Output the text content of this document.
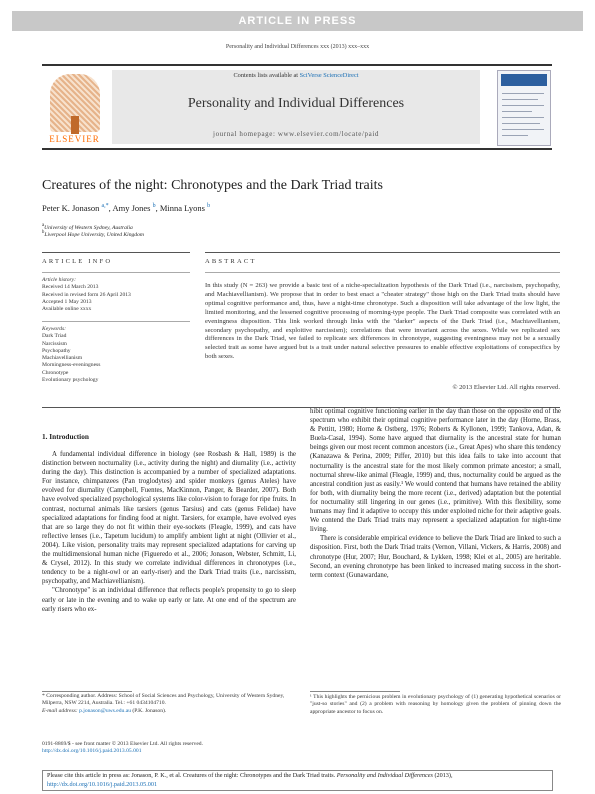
ARTICLE IN PRESS
Personality and Individual Differences xxx (2013) xxx–xxx
ELSEVIER
Contents lists available at SciVerse ScienceDirect
Personality and Individual Differences
journal homepage: www.elsevier.com/locate/paid
Creatures of the night: Chronotypes and the Dark Triad traits
Peter K. Jonason $^{a,*}$, Amy Jones $^b$, Minna Lyons $^b$
$^a$University of Western Sydney, Australia
$^b$Liverpool Hope University, United Kingdom
ARTICLE INFO
Article history:
Received 14 March 2013
Received in revised form 26 April 2013
Accepted 1 May 2013
Available online xxxx
Keywords:
Dark Triad
Narcissism
Psychopathy
Machiavellianism
Morningness-eveningness
Chronotype
Evolutionary psychology
ABSTRACT
In this study (N = 263) we provide a basic test of a niche-specialization hypothesis of the Dark Triad (i.e., narcissism, psychopathy, and Machiavellianism). We propose that in order to best enact a "cheater strategy" those high on the Dark Triad traits should have optimal cognitive performance and, thus, have a night-time chronotype. Such a disposition will take advantage of the low light, the limited monitoring, and the lessened cognitive processing of morning-type people. The Dark Triad composite was correlated with an eveningness disposition. This link worked through links with the "darker" aspects of the Dark Triad (i.e., Machiavellianism, secondary psychopathy, and exploitive narcissism); correlations that were invariant across the sexes. While we replicated sex differences in the Dark Triad, we failed to replicate sex differences in chronotype, suggesting eveningness may not be a sexually selected trait as some have argued but is a trait under natural selective pressures to enable effective exploitations of conspecifics by both sexes.
© 2013 Elsevier Ltd. All rights reserved.
1. Introduction

A fundamental individual difference in biology (see Rosbash & Hall, 1989) is the distinction between nocturnality (i.e., activity during the night) and diurnality (i.e., activity during the day). This distinction is accompanied by a number of specialized adaptations. For instance, chimpanzees (Pan troglodytes) and spider monkeys (genus Ateles) have evolved for diurnality (Campbell, Fuentes, MacKinnon, Panger, & Bearder, 2007). Both have evolved specialized psychological systems like color-vision to forage for ripe fruits. In contrast, nocturnal animals like tarsiers (genus Tarsius) and cats (genus Felidae) have specialized adaptations for finding food at night. Tarsiers, for example, have evolved eyes that are so large they do not fit within their eye-sockets (Fleagle, 1999), and cats have reflective lenses (i.e., Tapetum lucidum) to amplify ambient light at night (Ollivier et al., 2004). Like vision, personality traits may represent specialized adaptations for carving up the multidimensional human niche (Figueredo et al., 2006; Jonason, Webster, Schmitt, Li, & Crysel, 2012). In this study we correlate individual differences in chronotypes (i.e., tendency to be a night-owl or an early-riser) and the Dark Triad traits (i.e., narcissism, psychopathy, and Machiavellianism).

"Chronotype" is an individual difference that reflects people's propensity to go to sleep early or late in the evening and to wake up early or late. At one end of the spectrum are early risers who ex-

hibit optimal cognitive functioning earlier in the day than those on the opposite end of the spectrum who exhibit their optimal cognitive performance later in the day (Horne, Brass, & Pettitt, 1980; Horne & Ostberg, 1976; Roberts & Kyllonen, 1999; Tankova, Adan, & Buela-Casal, 1994). Some have argued that diurnality is the ancestral state for human beings given our most recent common ancestors (i.e., Great Apes) who share this tendency (Kanazawa & Perina, 2009; Piffer, 2010) but this idea fails to take into account that nocturnality is the ancestral state for the most likely common primate ancestor; a small, nocturnal shrew-like animal (Fleagle, 1999) and, thus, nocturnality could be argued as the ancestral condition just as easily.¹ We would contend that humans have retained the ability for both, with diurnality being the more recent (i.e., derived) adaptation but the potential for nocturnality still lingering in our genes (i.e., primitive). With this flexibility, some humans may find it adaptive to occupy this under exploited niche for their adaptive goals. We contend the Dark Triad traits may represent a specialized adaptation for night-time living.

There is considerable empirical evidence to believe the Dark Triad are linked to such a disposition. First, both the Dark Triad traits (Vernon, Villani, Vickers, & Harris, 2008) and chronotype (Hur, 2007; Hur, Bouchard, & Lykken, 1998; Klei et al., 2005) are heritable. Second, an evening chronotype has been linked to increased mating success in the short-term context (Gunawardane,

* Corresponding author. Address: School of Social Sciences and Psychology, University of Western Sydney, Milperra, NSW 2214, Australia. Tel.: +61 0434104710.
E-mail address: p.jonason@uws.edu.au (P.K. Jonason).
¹ This highlights the pernicious problem in evolutionary psychology of (1) generating hypothetical scenarios or "just-so stories" and (2) a problem with reasoning by homology given the problem of pinning down the appropriate ancestor to focus on.
0191-8869/$ - see front matter © 2013 Elsevier Ltd. All rights reserved.
http://dx.doi.org/10.1016/j.paid.2013.05.001
Please cite this article in press as: Jonason, P. K., et al. Creatures of the night: Chronotypes and the Dark Triad traits. Personality and Individual Differences (2013), http://dx.doi.org/10.1016/j.paid.2013.05.001
